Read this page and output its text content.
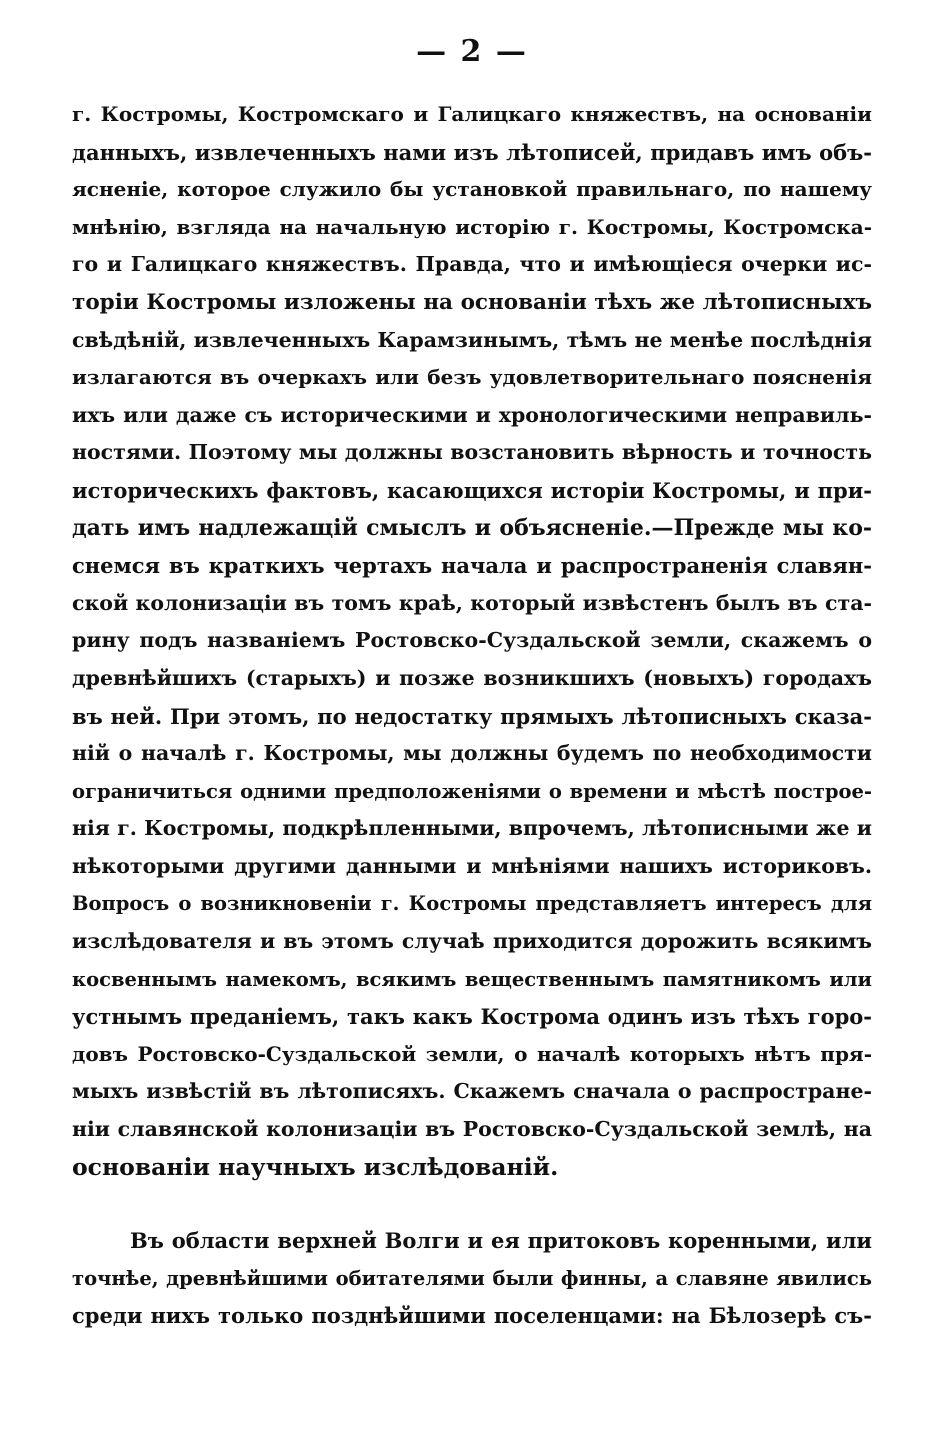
— 2 —
г. Костромы, Костромскаго и Галицкаго княжествъ, на основаніи
данныхъ, извлеченныхъ нами изъ лѣтописей, придавъ имъ объ-
ясненіе, которое служило бы установкой правильнаго, по нашему
мнѣнію, взгляда на начальную исторію г. Костромы, Костромска-
го и Галицкаго княжествъ. Правда, что и имѣющіеся очерки ис-
торіи Костромы изложены на основаніи тѣхъ же лѣтописныхъ
свѣдѣній, извлеченныхъ Карамзинымъ, тѣмъ не менѣе послѣднія
излагаются въ очеркахъ или безъ удовлетворительнаго поясненія
ихъ или даже съ историческими и хронологическими неправиль-
ностями. Поэтому мы должны возстановить вѣрность и точность
историческихъ фактовъ, касающихся исторіи Костромы, и при-
дать имъ надлежащій смыслъ и объясненіе.—Прежде мы ко-
снемся въ краткихъ чертахъ начала и распространенія славян-
ской колонизаціи въ томъ краѣ, который извѣстенъ былъ въ ста-
рину подъ названіемъ Ростовско-Суздальской земли, скажемъ о
древнѣйшихъ (старыхъ) и позже возникшихъ (новыхъ) городахъ
въ ней. При этомъ, по недостатку прямыхъ лѣтописныхъ сказа-
ній о началѣ г. Костромы, мы должны будемъ по необходимости
ограничиться одними предположеніями о времени и мѣстѣ построе-
нія г. Костромы, подкрѣпленными, впрочемъ, лѣтописными же и
нѣкоторыми другими данными и мнѣніями нашихъ историковъ.
Вопросъ о возникновеніи г. Костромы представляетъ интересъ для
изслѣдователя и въ этомъ случаѣ приходится дорожить всякимъ
косвеннымъ намекомъ, всякимъ вещественнымъ памятникомъ или
устнымъ преданіемъ, такъ какъ Кострома одинъ изъ тѣхъ горо-
довъ Ростовско-Суздальской земли, о началѣ которыхъ нѣтъ пря-
мыхъ извѣстій въ лѣтописяхъ. Скажемъ сначала о распростране-
ніи славянской колонизаціи въ Ростовско-Суздальской землѣ, на
основаніи научныхъ изслѣдованій.
Въ области верхней Волги и ея притоковъ коренными, или
точнѣе, древнѣйшими обитателями были финны, а славяне явились
среди нихъ только позднѣйшими поселенцами: на Бѣлозерѣ съ-
